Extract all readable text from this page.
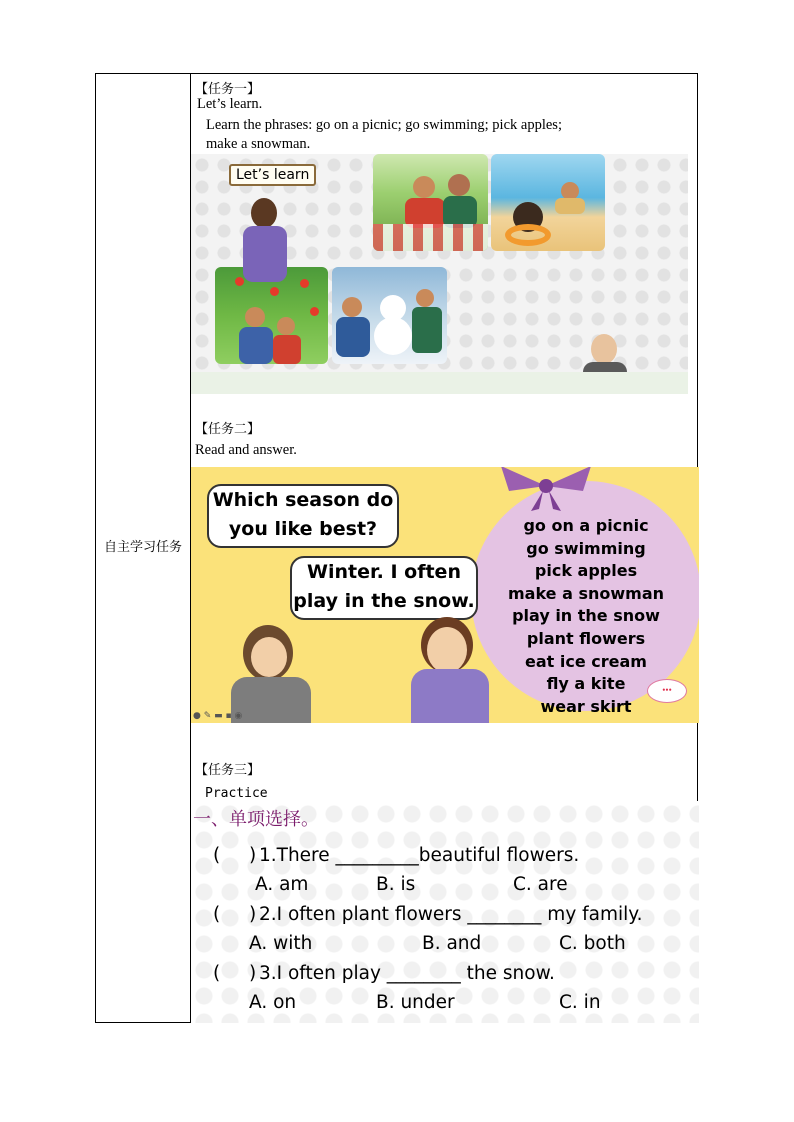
自主学习任务
【任务一】
Let’s learn.
Learn the phrases: go on a picnic; go swimming; pick apples;
make a snowman.
Let’s learn
【任务二】
Read and answer.
go on a picnic
go swimming
pick apples
make a snowman
play in the snow
plant flowers
eat ice cream
fly a kite
wear skirt
•••
Which season do
you like best?
Winter. I often
play in the snow.
● ✎ ▬ ▪ ◉
【任务三】
Practice
一、单项选择。
( ) 1.There _________beautiful flowers.
A. am	B. is	C. are
( ) 2.I often plant flowers ________ my family.
A. with	B. and	C. both
( ) 3.I often play ________ the snow.
A. on	B. under	C. in
